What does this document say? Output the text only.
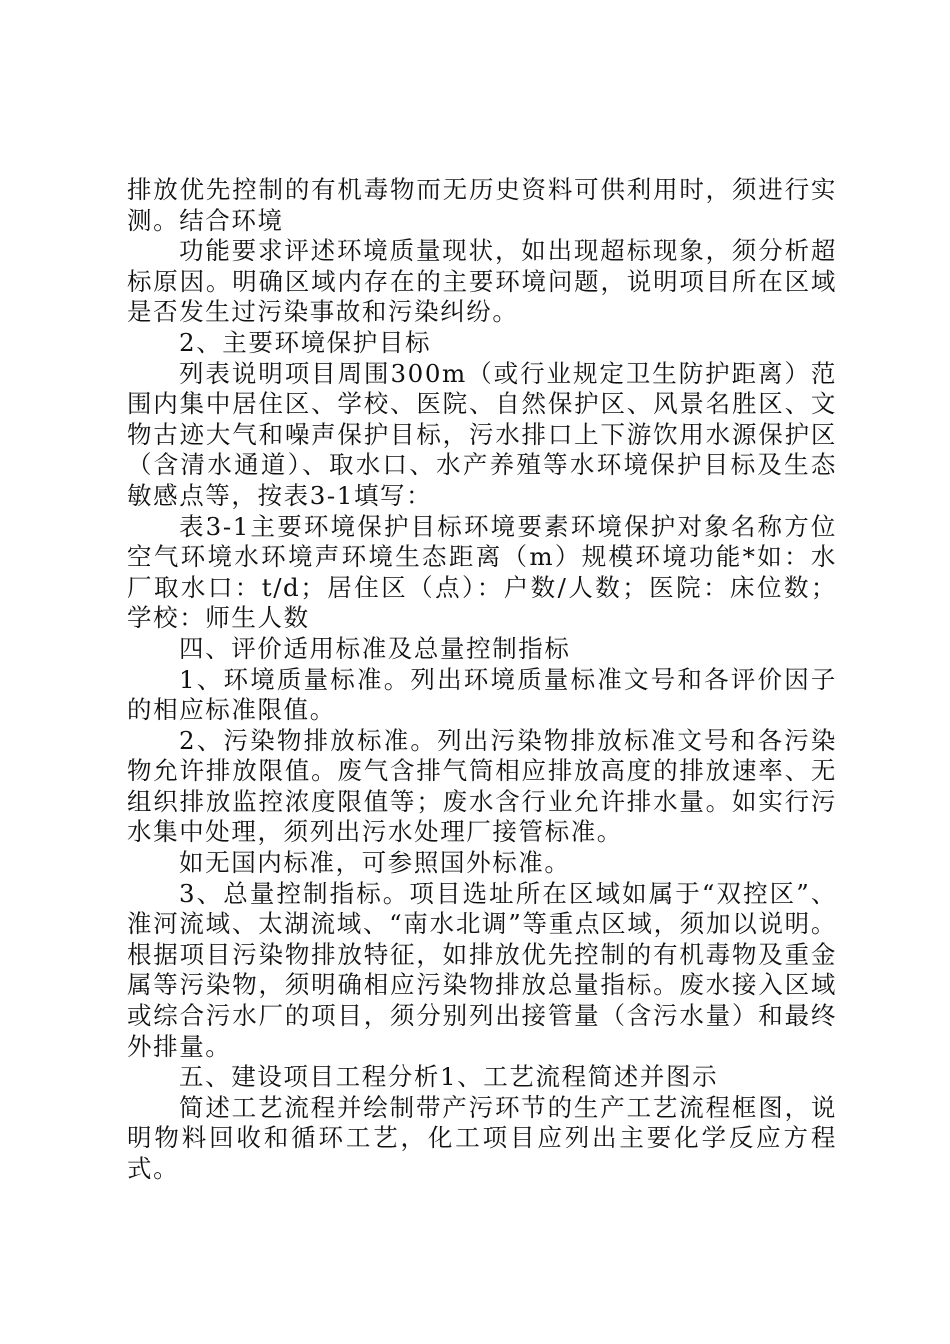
排放优先控制的有机毒物而无历史资料可供利用时，须进行实测。结合环境

功能要求评述环境质量现状，如出现超标现象，须分析超标原因。明确区域内存在的主要环境问题，说明项目所在区域是否发生过污染事故和污染纠纷。

2、主要环境保护目标

列表说明项目周围300m（或行业规定卫生防护距离）范围内集中居住区、学校、医院、自然保护区、风景名胜区、文物古迹大气和噪声保护目标，污水排口上下游饮用水源保护区（含清水通道）、取水口、水产养殖等水环境保护目标及生态敏感点等，按表3-1填写：

表3-1主要环境保护目标环境要素环境保护对象名称方位空气环境水环境声环境生态距离（m）规模环境功能*如：水厂取水口：t/d；居住区（点）：户数/人数；医院：床位数；学校：师生人数

四、评价适用标准及总量控制指标

1、环境质量标准。列出环境质量标准文号和各评价因子的相应标准限值。

2、污染物排放标准。列出污染物排放标准文号和各污染物允许排放限值。废气含排气筒相应排放高度的排放速率、无组织排放监控浓度限值等；废水含行业允许排水量。如实行污水集中处理，须列出污水处理厂接管标准。

如无国内标准，可参照国外标准。

3、总量控制指标。项目选址所在区域如属于“双控区”、淮河流域、太湖流域、“南水北调”等重点区域，须加以说明。根据项目污染物排放特征，如排放优先控制的有机毒物及重金属等污染物，须明确相应污染物排放总量指标。废水接入区域或综合污水厂的项目，须分别列出接管量（含污水量）和最终外排量。

五、建设项目工程分析1、工艺流程简述并图示

简述工艺流程并绘制带产污环节的生产工艺流程框图，说明物料回收和循环工艺，化工项目应列出主要化学反应方程式。
